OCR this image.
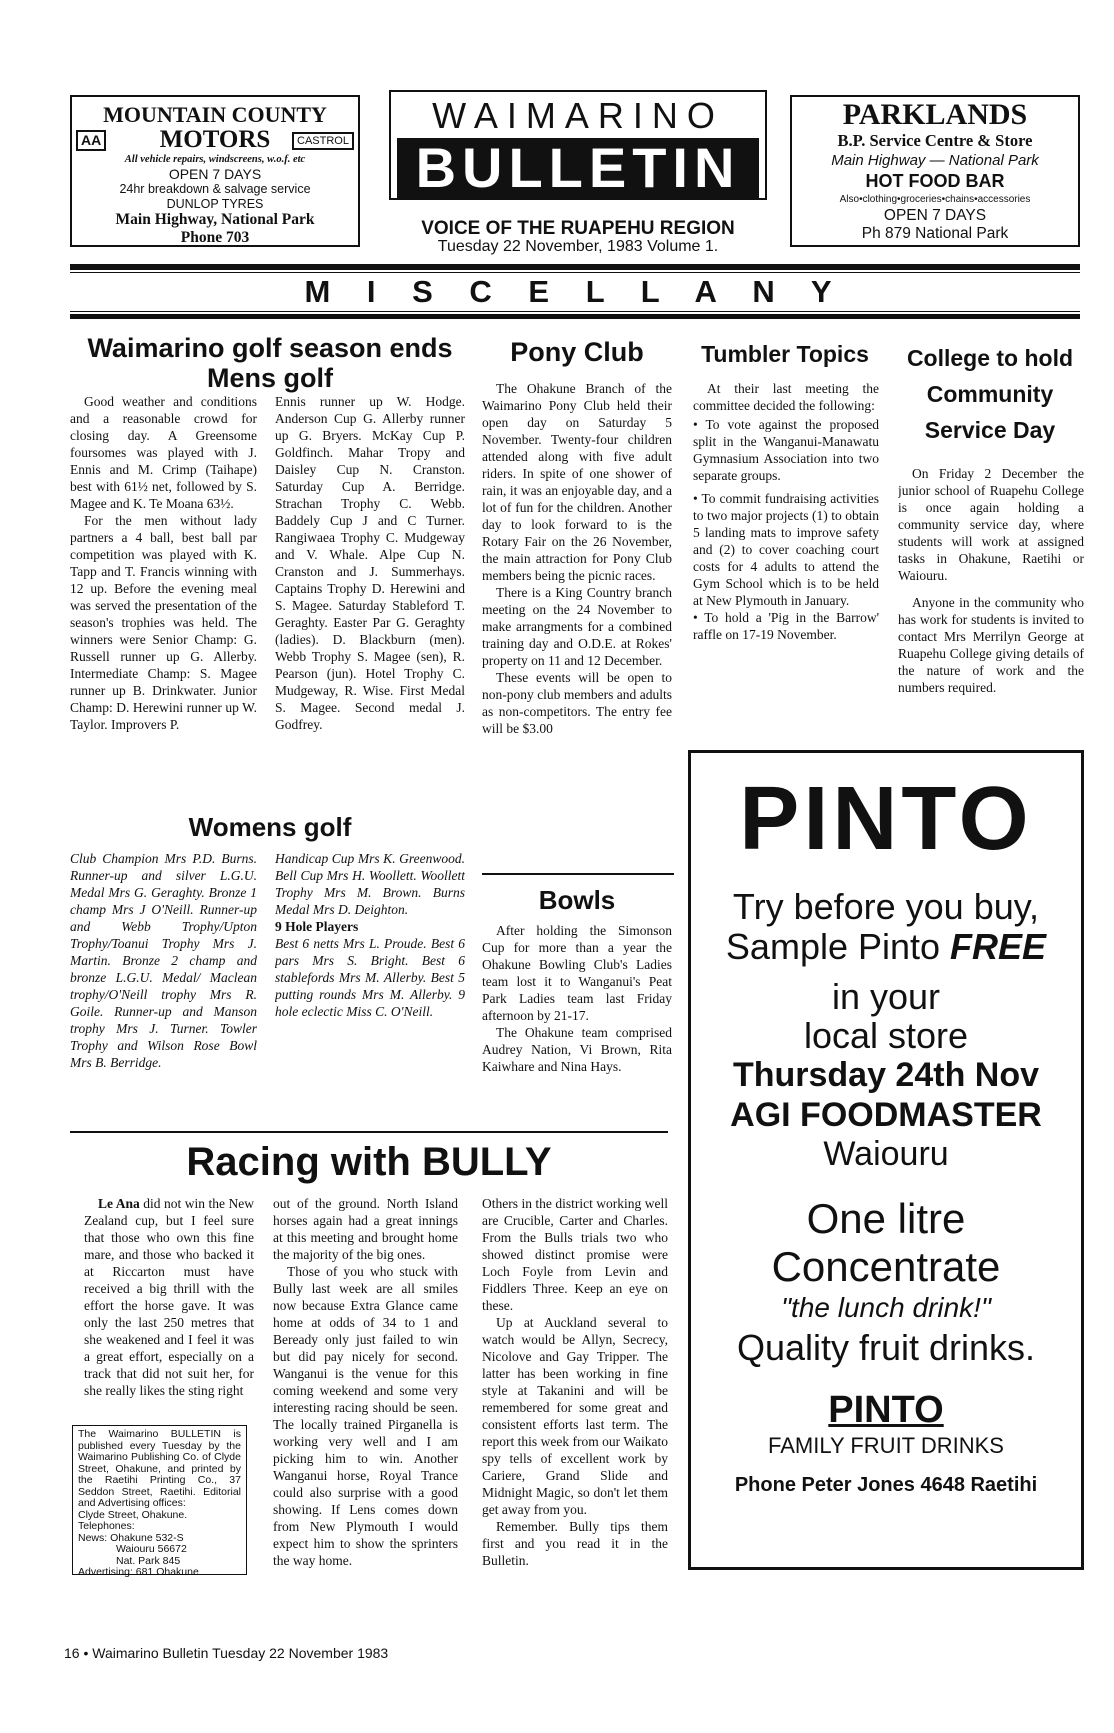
MOUNTAIN COUNTY
AA MOTORS	CASTROL
All vehicle repairs, windscreens, w.o.f. etc
OPEN 7 DAYS
24hr breakdown & salvage service
DUNLOP TYRES
Main Highway, National Park
Phone 703
WAIMARINO
BULLETIN
VOICE OF THE RUAPEHU REGION
Tuesday 22 November, 1983 Volume 1.
PARKLANDS
B.P. Service Centre & Store
Main Highway — National Park
HOT FOOD BAR
Also•clothing•groceries•chains•accessories
OPEN 7 DAYS
Ph 879 National Park
M I S C E L L A N Y
Waimarino golf season ends
Mens golf

Good weather and conditions and a reasonable crowd for closing day. A Greensome foursomes was played with J. Ennis and M. Crimp (Taihape) best with 61½ net, followed by S. Magee and K. Te Moana 63½.

For the men without lady partners a 4 ball, best ball par competition was played with K. Tapp and T. Francis winning with 12 up. Before the evening meal was served the presentation of the season's trophies was held. The winners were Senior Champ: G. Russell runner up G. Allerby. Intermediate Champ: S. Magee runner up B. Drinkwater. Junior Champ: D. Herewini runner up W. Taylor. Improvers P.

Ennis runner up W. Hodge. Anderson Cup G. Allerby runner up G. Bryers. McKay Cup P. Goldfinch. Mahar Tropy and Daisley Cup N. Cranston. Saturday Cup A. Berridge. Strachan Trophy C. Webb. Baddely Cup J and C Turner. Rangiwaea Trophy C. Mudgeway and V. Whale. Alpe Cup N. Cranston and J. Summerhays. Captains Trophy D. Herewini and S. Magee. Saturday Stableford T. Geraghty. Easter Par G. Geraghty (ladies). D. Blackburn (men). Webb Trophy S. Magee (sen), R. Pearson (jun). Hotel Trophy C. Mudgeway, R. Wise. First Medal S. Magee. Second medal J. Godfrey.

Womens golf

Club Champion Mrs P.D. Burns. Runner-up and silver L.G.U. Medal Mrs G. Geraghty. Bronze 1 champ Mrs J O'Neill. Runner-up and Webb Trophy/Upton Trophy/Toanui Trophy Mrs J. Martin. Bronze 2 champ and bronze L.G.U. Medal/ Maclean trophy/O'Neill trophy Mrs R. Goile. Runner-up and Manson trophy Mrs J. Turner. Towler Trophy and Wilson Rose Bowl Mrs B. Berridge.

Handicap Cup Mrs K. Greenwood. Bell Cup Mrs H. Woollett. Woollett Trophy Mrs M. Brown. Burns Medal Mrs D. Deighton.

9 Hole Players

Best 6 netts Mrs L. Proude. Best 6 pars Mrs S. Bright. Best 6 stablefords Mrs M. Allerby. Best 5 putting rounds Mrs M. Allerby. 9 hole eclectic Miss C. O'Neill.

Pony Club

The Ohakune Branch of the Waimarino Pony Club held their open day on Saturday 5 November. Twenty-four children attended along with five adult riders. In spite of one shower of rain, it was an enjoyable day, and a lot of fun for the children. Another day to look forward to is the Rotary Fair on the 26 November, the main attraction for Pony Club members being the picnic races.

There is a King Country branch meeting on the 24 November to make arrangments for a combined training day and O.D.E. at Rokes' property on 11 and 12 December.

These events will be open to non-pony club members and adults as non-competitors. The entry fee will be $3.00

Bowls

After holding the Simonson Cup for more than a year the Ohakune Bowling Club's Ladies team lost it to Wanganui's Peat Park Ladies team last Friday afternoon by 21-17.

The Ohakune team comprised Audrey Nation, Vi Brown, Rita Kaiwhare and Nina Hays.

Tumbler Topics

At their last meeting the committee decided the following:

• To vote against the proposed split in the Wanganui-Manawatu Gymnasium Association into two separate groups.

• To commit fundraising activities to two major projects (1) to obtain 5 landing mats to improve safety and (2) to cover coaching court costs for 4 adults to attend the Gym School which is to be held at New Plymouth in January.

• To hold a 'Pig in the Barrow' raffle on 17-19 November.

College to hold
Community
Service Day

On Friday 2 December the junior school of Ruapehu College is once again holding a community service day, where students will work at assigned tasks in Ohakune, Raetihi or Waiouru.

Anyone in the community who has work for students is invited to contact Mrs Merrilyn George at Ruapehu College giving details of the nature of work and the numbers required.

PINTO
Try before you buy,
Sample Pinto FREE
in your
local store
Thursday 24th Nov
AGI FOODMASTER
Waiouru
One litre
Concentrate
"the lunch drink!"
Quality fruit drinks.
PINTO
FAMILY FRUIT DRINKS
Phone Peter Jones 4648 Raetihi
Racing with BULLY

Le Ana did not win the New Zealand cup, but I feel sure that those who own this fine mare, and those who backed it at Riccarton must have received a big thrill with the effort the horse gave. It was only the last 250 metres that she weakened and I feel it was a great effort, especially on a track that did not suit her, for she really likes the sting right

The Waimarino BULLETIN is published every Tuesday by the Waimarino Publishing Co. of Clyde Street, Ohakune, and printed by the Raetihi Printing Co., 37 Seddon Street, Raetihi. Editorial and Advertising offices:
Clyde Street, Ohakune.
Telephones:
News: Ohakune 532-S
Waiouru 56672
Nat. Park 845
Advertising: 681 Ohakune

out of the ground. North Island horses again had a great innings at this meeting and brought home the majority of the big ones.

Those of you who stuck with Bully last week are all smiles now because Extra Glance came home at odds of 34 to 1 and Beready only just failed to win but did pay nicely for second. Wanganui is the venue for this coming weekend and some very interesting racing should be seen. The locally trained Pirganella is working very well and I am picking him to win. Another Wanganui horse, Royal Trance could also surprise with a good showing. If Lens comes down from New Plymouth I would expect him to show the sprinters the way home.

Others in the district working well are Crucible, Carter and Charles. From the Bulls trials two who showed distinct promise were Loch Foyle from Levin and Fiddlers Three. Keep an eye on these.

Up at Auckland several to watch would be Allyn, Secrecy, Nicolove and Gay Tripper. The latter has been working in fine style at Takanini and will be remembered for some great and consistent efforts last term. The report this week from our Waikato spy tells of excellent work by Cariere, Grand Slide and Midnight Magic, so don't let them get away from you.

Remember. Bully tips them first and you read it in the Bulletin.

16 • Waimarino Bulletin Tuesday 22 November 1983
